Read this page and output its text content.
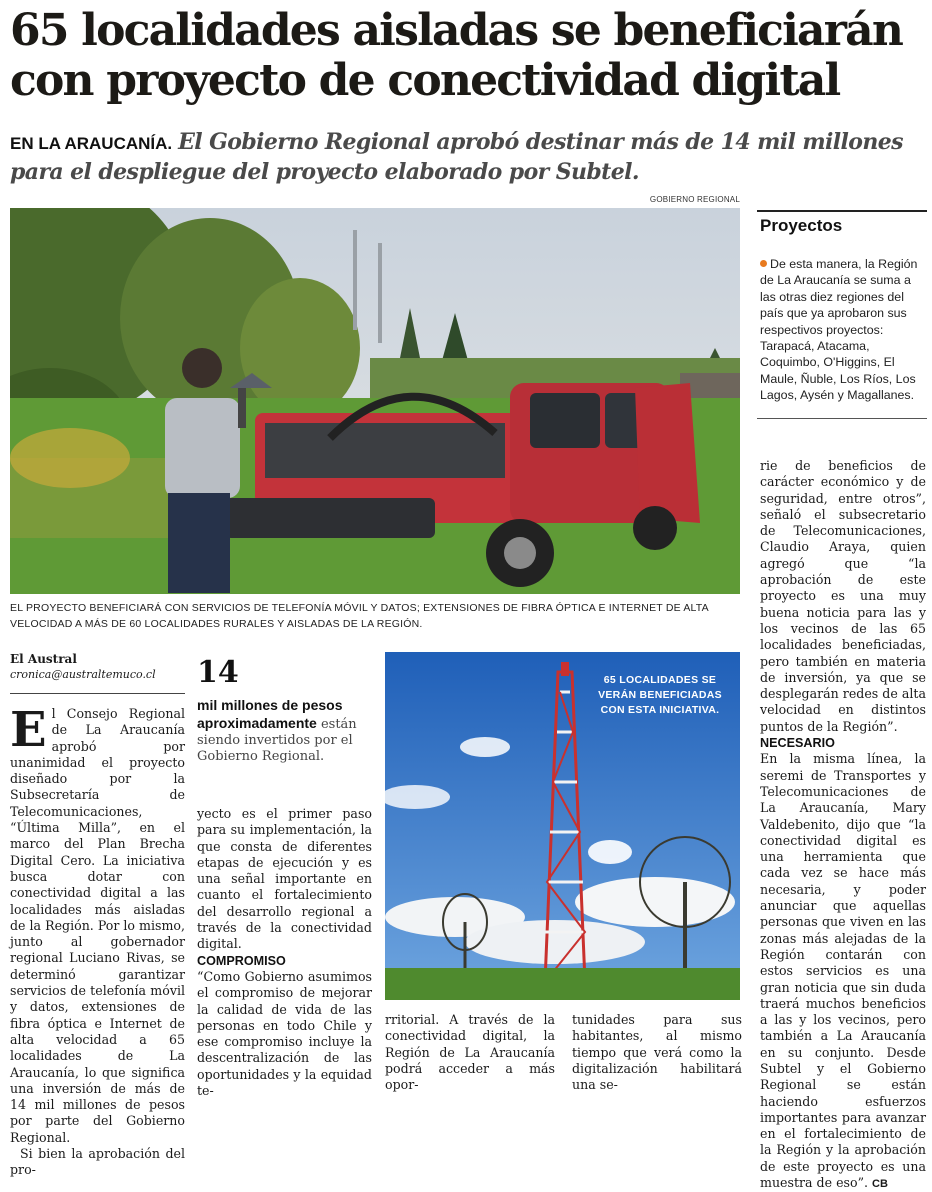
65 localidades aisladas se beneficiarán con proyecto de conectividad digital
EN LA ARAUCANÍA. El Gobierno Regional aprobó destinar más de 14 mil millones para el despliegue del proyecto elaborado por Subtel.
GOBIERNO REGIONAL
EL PROYECTO BENEFICIARÁ CON SERVICIOS DE TELEFONÍA MÓVIL Y DATOS; EXTENSIONES DE FIBRA ÓPTICA E INTERNET DE ALTA VELOCIDAD A MÁS DE 60 LOCALIDADES RURALES Y AISLADAS DE LA REGIÓN.
Proyectos
De esta manera, la Región de La Araucanía se suma a las otras diez regiones del país que ya aprobaron sus respectivos proyectos: Tarapacá, Atacama, Coquimbo, O'Higgins, El Maule, Ñuble, Los Ríos, Los Lagos, Aysén y Magallanes.
El Austral
cronica@australtemuco.cl

El Consejo Regional de La Araucanía aprobó por unanimidad el proyecto diseñado por la Subsecretaría de Telecomunicaciones, “Última Milla”, en el marco del Plan Brecha Digital Cero. La iniciativa busca dotar con conectividad digital a las localidades más aisladas de la Región. Por lo mismo, junto al gobernador regional Luciano Rivas, se determinó garantizar servicios de telefonía móvil y datos, extensiones de fibra óptica e Internet de alta velocidad a 65 localidades de La Araucanía, lo que significa una inversión de más de 14 mil millones de pesos por parte del Gobierno Regional.

Si bien la aprobación del pro-

14
mil millones de pesos aproximadamente están siendo invertidos por el Gobierno Regional.

yecto es el primer paso para su implementación, la que consta de diferentes etapas de ejecución y es una señal importante en cuanto el fortalecimiento del desarrollo regional a través de la conectividad digital.

COMPROMISO

“Como Gobierno asumimos el compromiso de mejorar la calidad de vida de las personas en todo Chile y ese compromiso incluye la descentralización de las oportunidades y la equidad te-

65 LOCALIDADES SE VERÁN BENEFICIADAS CON ESTA INICIATIVA.

rritorial. A través de la conectividad digital, la Región de La Araucanía podrá acceder a más opor-

tunidades para sus habitantes, al mismo tiempo que verá como la digitalización habilitará una se-

rie de beneficios de carácter económico y de seguridad, entre otros”, señaló el subsecretario de Telecomunicaciones, Claudio Araya, quien agregó que “la aprobación de este proyecto es una muy buena noticia para las y los vecinos de las 65 localidades beneficiadas, pero también en materia de inversión, ya que se desplegarán redes de alta velocidad en distintos puntos de la Región”.

NECESARIO

En la misma línea, la seremi de Transportes y Telecomunicaciones de La Araucanía, Mary Valdebenito, dijo que “la conectividad digital es una herramienta que cada vez se hace más necesaria, y poder anunciar que aquellas personas que viven en las zonas más alejadas de la Región contarán con estos servicios es una gran noticia que sin duda traerá muchos beneficios a las y los vecinos, pero también a La Araucanía en su conjunto. Desde Subtel y el Gobierno Regional se están haciendo esfuerzos importantes para avanzar en el fortalecimiento de la Región y la aprobación de este proyecto es una muestra de eso”. CB
